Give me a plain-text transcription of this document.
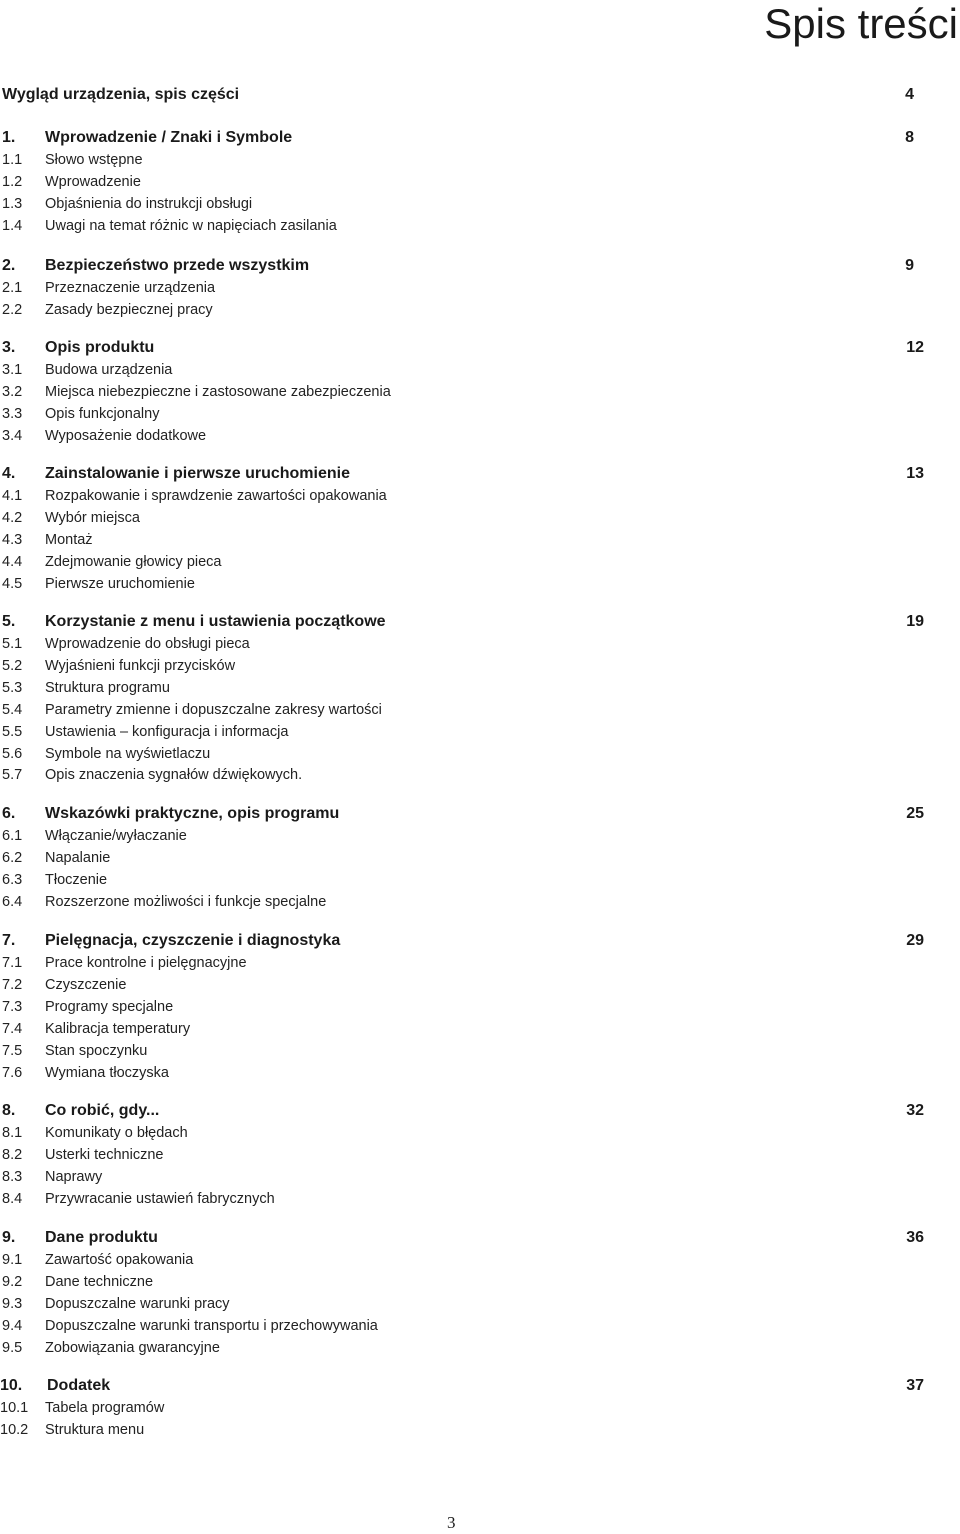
Spis treści
Wygląd urządzenia, spis części	4
1. Wprowadzenie / Znaki i Symbole	8
1.1 Słowo wstępne
1.2 Wprowadzenie
1.3 Objaśnienia do instrukcji obsługi
1.4 Uwagi na temat różnic w napięciach zasilania
2. Bezpieczeństwo przede wszystkim	9
2.1 Przeznaczenie urządzenia
2.2 Zasady bezpiecznej pracy
3. Opis produktu	12
3.1 Budowa urządzenia
3.2 Miejsca niebezpieczne i zastosowane zabezpieczenia
3.3 Opis funkcjonalny
3.4 Wyposażenie dodatkowe
4. Zainstalowanie i pierwsze uruchomienie	13
4.1 Rozpakowanie i sprawdzenie zawartości opakowania
4.2 Wybór miejsca
4.3 Montaż
4.4 Zdejmowanie głowicy pieca
4.5 Pierwsze uruchomienie
5. Korzystanie z menu i ustawienia początkowe	19
5.1 Wprowadzenie do obsługi pieca
5.2 Wyjaśnieni funkcji przycisków
5.3 Struktura programu
5.4 Parametry zmienne i dopuszczalne zakresy wartości
5.5 Ustawienia – konfiguracja i informacja
5.6 Symbole na wyświetlaczu
5.7 Opis znaczenia sygnałów dźwiękowych.
6. Wskazówki praktyczne, opis programu	25
6.1 Włączanie/wyłaczanie
6.2 Napalanie
6.3 Tłoczenie
6.4 Rozszerzone możliwości i funkcje specjalne
7. Pielęgnacja, czyszczenie i diagnostyka	29
7.1 Prace kontrolne i pielęgnacyjne
7.2 Czyszczenie
7.3 Programy specjalne
7.4 Kalibracja temperatury
7.5 Stan spoczynku
7.6 Wymiana tłoczyska
8. Co robić, gdy...	32
8.1 Komunikaty o błędach
8.2 Usterki techniczne
8.3 Naprawy
8.4 Przywracanie ustawień fabrycznych
9. Dane produktu	36
9.1 Zawartość opakowania
9.2 Dane techniczne
9.3 Dopuszczalne warunki pracy
9.4 Dopuszczalne warunki transportu i przechowywania
9.5 Zobowiązania gwarancyjne
10. Dodatek	37
10.1 Tabela programów
10.2 Struktura menu
3
